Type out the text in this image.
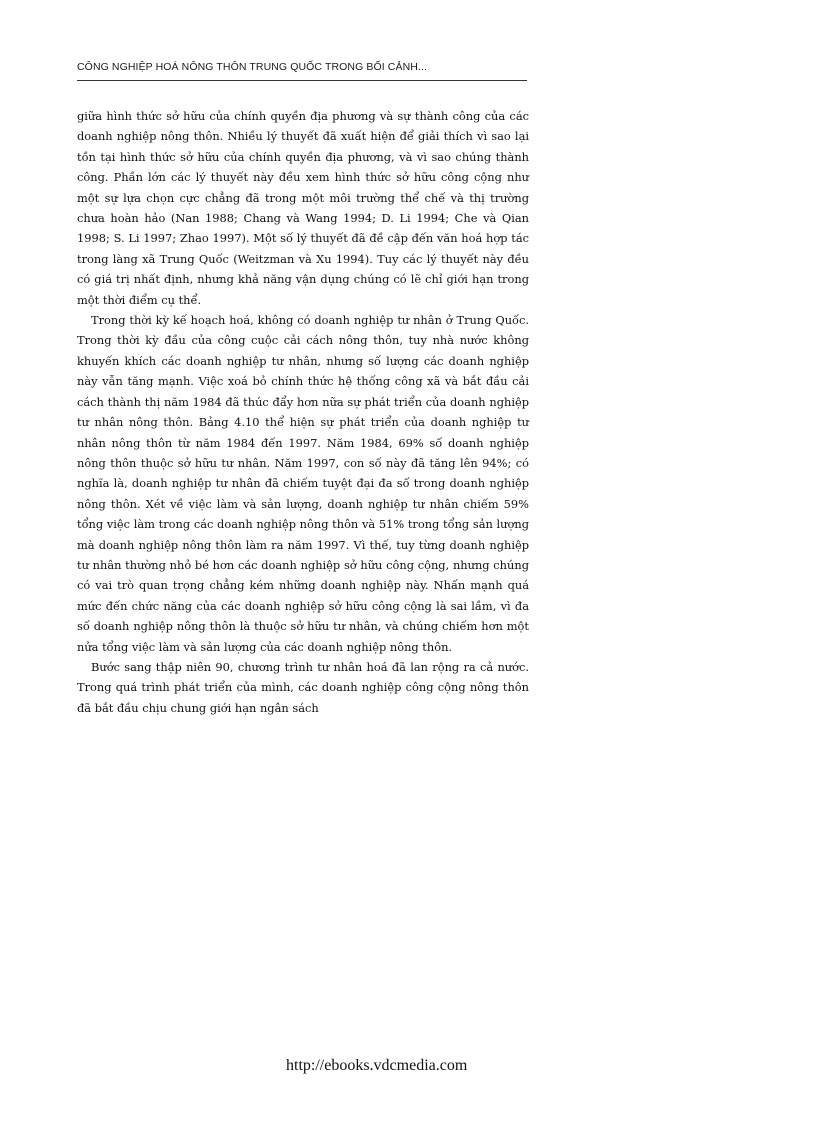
CÔNG NGHIỆP HOÁ NÔNG THÔN TRUNG QUỐC TRONG BỐI CẢNH...

giữa hình thức sở hữu của chính quyền địa phương và sự thành công của các doanh nghiệp nông thôn. Nhiều lý thuyết đã xuất hiện để giải thích vì sao lại tồn tại hình thức sở hữu của chính quyền địa phương, và vì sao chúng thành công. Phần lớn các lý thuyết này đều xem hình thức sở hữu công cộng như một sự lựa chọn cực chẳng đã trong một môi trường thể chế và thị trường chưa hoàn hảo (Nan 1988; Chang và Wang 1994; D. Li 1994; Che và Qian 1998; S. Li 1997; Zhao 1997). Một số lý thuyết đã đề cập đến văn hoá hợp tác trong làng xã Trung Quốc (Weitzman và Xu 1994). Tuy các lý thuyết này đều có giá trị nhất định, nhưng khả năng vận dụng chúng có lẽ chỉ giới hạn trong một thời điểm cụ thể.

Trong thời kỳ kế hoạch hoá, không có doanh nghiệp tư nhân ở Trung Quốc. Trong thời kỳ đầu của công cuộc cải cách nông thôn, tuy nhà nước không khuyến khích các doanh nghiệp tư nhân, nhưng số lượng các doanh nghiệp này vẫn tăng mạnh. Việc xoá bỏ chính thức hệ thống công xã và bắt đầu cải cách thành thị năm 1984 đã thúc đẩy hơn nữa sự phát triển của doanh nghiệp tư nhân nông thôn. Bảng 4.10 thể hiện sự phát triển của doanh nghiệp tư nhân nông thôn từ năm 1984 đến 1997. Năm 1984, 69% số doanh nghiệp nông thôn thuộc sở hữu tư nhân. Năm 1997, con số này đã tăng lên 94%; có nghĩa là, doanh nghiệp tư nhân đã chiếm tuyệt đại đa số trong doanh nghiệp nông thôn. Xét về việc làm và sản lượng, doanh nghiệp tư nhân chiếm 59% tổng việc làm trong các doanh nghiệp nông thôn và 51% trong tổng sản lượng mà doanh nghiệp nông thôn làm ra năm 1997. Vì thế, tuy từng doanh nghiệp tư nhân thường nhỏ bé hơn các doanh nghiệp sở hữu công cộng, nhưng chúng có vai trò quan trọng chẳng kém những doanh nghiệp này. Nhấn mạnh quá mức đến chức năng của các doanh nghiệp sở hữu công cộng là sai lầm, vì đa số doanh nghiệp nông thôn là thuộc sở hữu tư nhân, và chúng chiếm hơn một nửa tổng việc làm và sản lượng của các doanh nghiệp nông thôn.

Bước sang thập niên 90, chương trình tư nhân hoá đã lan rộng ra cả nước. Trong quá trình phát triển của mình, các doanh nghiệp công cộng nông thôn đã bắt đầu chịu chung giới hạn ngân sách

http://ebooks.vdcmedia.com
